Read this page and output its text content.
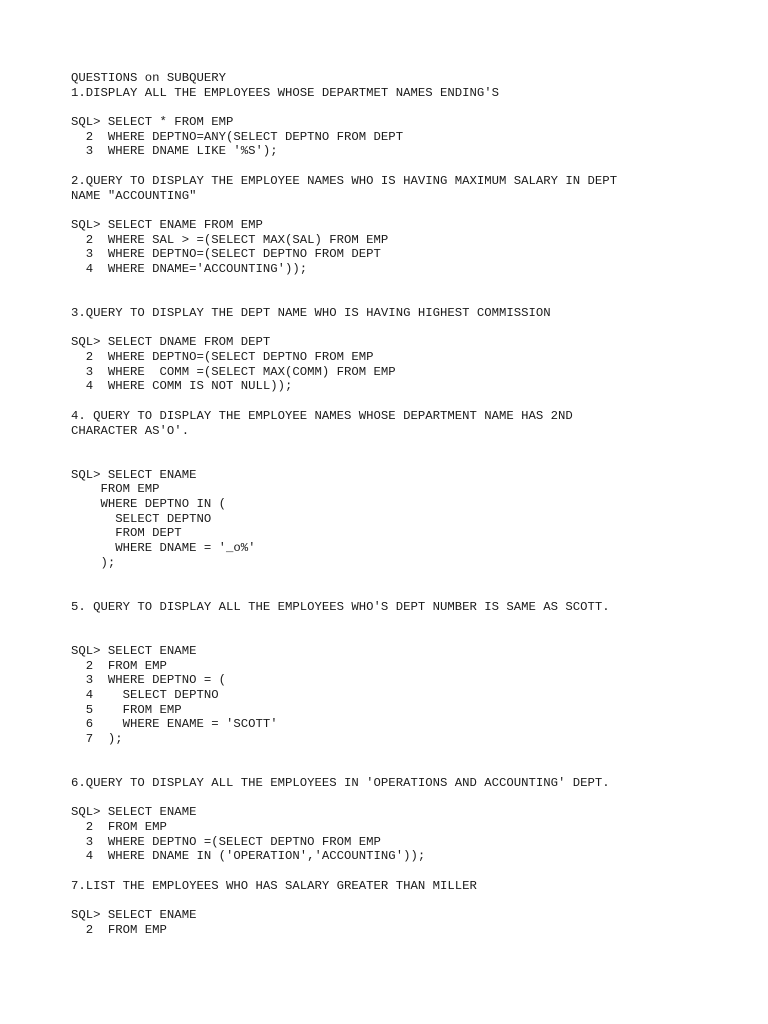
QUESTIONS on SUBQUERY
1.DISPLAY ALL THE EMPLOYEES WHOSE DEPARTMET NAMES ENDING'S
SQL> SELECT * FROM EMP
2  WHERE DEPTNO=ANY(SELECT DEPTNO FROM DEPT
3  WHERE DNAME LIKE '%S');
2.QUERY TO DISPLAY THE EMPLOYEE NAMES WHO IS HAVING MAXIMUM SALARY IN DEPT
NAME "ACCOUNTING"
SQL> SELECT ENAME FROM EMP
2  WHERE SAL > =(SELECT MAX(SAL) FROM EMP
3  WHERE DEPTNO=(SELECT DEPTNO FROM DEPT
4  WHERE DNAME='ACCOUNTING'));
3.QUERY TO DISPLAY THE DEPT NAME WHO IS HAVING HIGHEST COMMISSION
SQL> SELECT DNAME FROM DEPT
2  WHERE DEPTNO=(SELECT DEPTNO FROM EMP
3  WHERE  COMM =(SELECT MAX(COMM) FROM EMP
4  WHERE COMM IS NOT NULL));
4. QUERY TO DISPLAY THE EMPLOYEE NAMES WHOSE DEPARTMENT NAME HAS 2ND
CHARACTER AS'O'.
SQL> SELECT ENAME
FROM EMP
WHERE DEPTNO IN (
SELECT DEPTNO
FROM DEPT
WHERE DNAME = '_o%'
);
5. QUERY TO DISPLAY ALL THE EMPLOYEES WHO'S DEPT NUMBER IS SAME AS SCOTT.
SQL> SELECT ENAME
2  FROM EMP
3  WHERE DEPTNO = (
4    SELECT DEPTNO
5    FROM EMP
6    WHERE ENAME = 'SCOTT'
7  );
6.QUERY TO DISPLAY ALL THE EMPLOYEES IN 'OPERATIONS AND ACCOUNTING' DEPT.
SQL> SELECT ENAME
2  FROM EMP
3  WHERE DEPTNO =(SELECT DEPTNO FROM EMP
4  WHERE DNAME IN ('OPERATION','ACCOUNTING'));
7.LIST THE EMPLOYEES WHO HAS SALARY GREATER THAN MILLER
SQL> SELECT ENAME
2  FROM EMP
